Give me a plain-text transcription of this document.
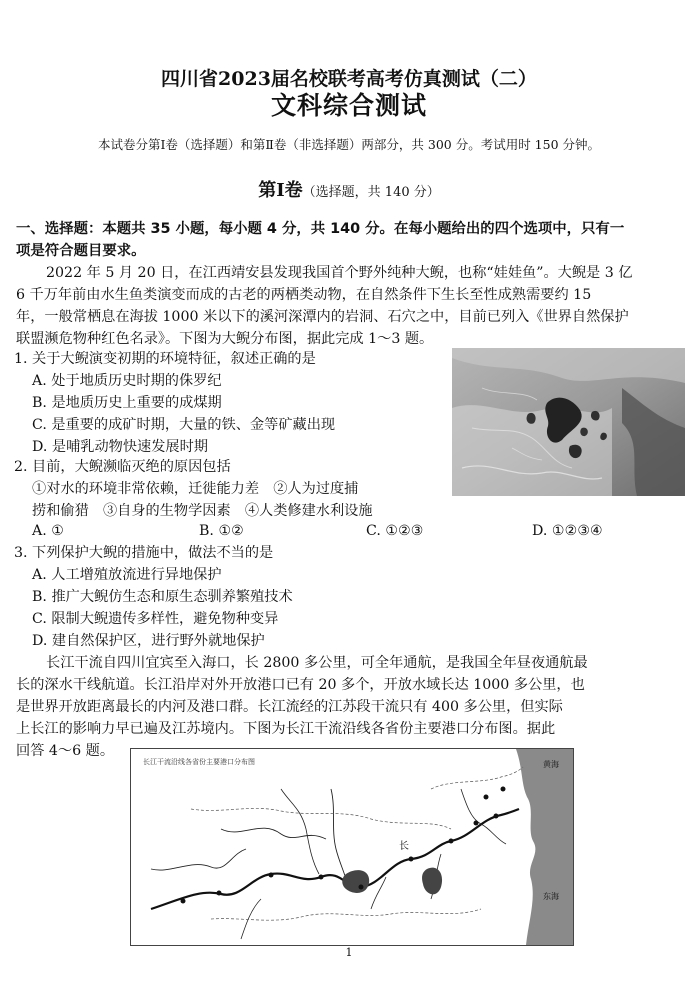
四川省2023届名校联考高考仿真测试（二）
文科综合测试
本试卷分第Ⅰ卷（选择题）和第Ⅱ卷（非选择题）两部分，共 300 分。考试用时 150 分钟。
第Ⅰ卷（选择题，共 140 分）
一、选择题：本题共 35 小题，每小题 4 分，共 140 分。在每小题给出的四个选项中，只有一
项是符合题目要求。
2022 年 5 月 20 日，在江西靖安县发现我国首个野外纯种大鲵，也称“娃娃鱼”。大鲵是 3 亿
6 千万年前由水生鱼类演变而成的古老的两栖类动物，在自然条件下生长至性成熟需要约 15
年，一般常栖息在海拔 1000 米以下的溪河深潭内的岩洞、石穴之中，目前已列入《世界自然保护
联盟濒危物种红色名录》。下图为大鲵分布图，据此完成 1～3 题。
1. 关于大鲵演变初期的环境特征，叙述正确的是
A. 处于地质历史时期的侏罗纪
B. 是地质历史上重要的成煤期
C. 是重要的成矿时期，大量的铁、金等矿藏出现
D. 是哺乳动物快速发展时期
2. 目前，大鲵濒临灭绝的原因包括
①对水的环境非常依赖，迁徙能力差　②人为过度捕
捞和偷猎　③自身的生物学因素　④人类修建水利设施
A. ①	B. ①②	C. ①②③	D. ①②③④
3. 下列保护大鲵的措施中，做法不当的是
A. 人工增殖放流进行异地保护
B. 推广大鲵仿生态和原生态驯养繁殖技术
C. 限制大鲵遗传多样性，避免物种变异
D. 建自然保护区，进行野外就地保护
长江干流自四川宜宾至入海口，长 2800 多公里，可全年通航，是我国全年昼夜通航最
长的深水干线航道。长江沿岸对外开放港口已有 20 多个，开放水域长达 1000 多公里，也
是世界开放距离最长的内河及港口群。长江流经的江苏段干流只有 400 多公里，但实际
上长江的影响力早已遍及江苏境内。下图为长江干流沿线各省份主要港口分布图。据此
回答 4～6 题。
黄海
东海
长
长江干流沿线各省份主要港口分布图
1
